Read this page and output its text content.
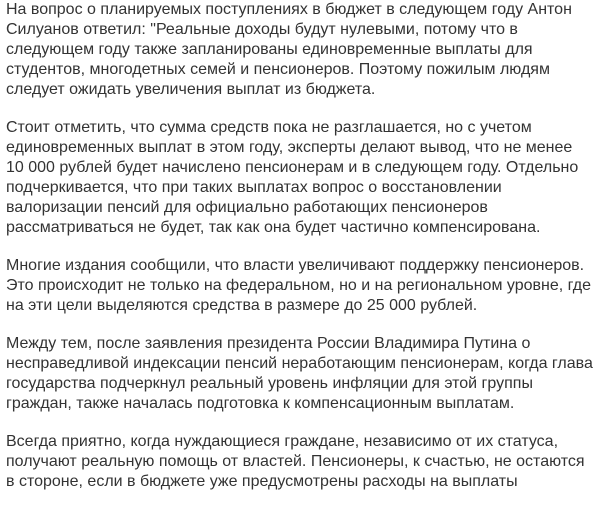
На вопрос о планируемых поступлениях в бюджет в следующем году Антон
Силуанов ответил: "Реальные доходы будут нулевыми, потому что в
следующем году также запланированы единовременные выплаты для
студентов, многодетных семей и пенсионеров. Поэтому пожилым людям
следует ожидать увеличения выплат из бюджета.

Стоит отметить, что сумма средств пока не разглашается, но с учетом
единовременных выплат в этом году, эксперты делают вывод, что не менее
10 000 рублей будет начислено пенсионерам и в следующем году. Отдельно
подчеркивается, что при таких выплатах вопрос о восстановлении
валоризации пенсий для официально работающих пенсионеров
рассматриваться не будет, так как она будет частично компенсирована.

Многие издания сообщили, что власти увеличивают поддержку пенсионеров.
Это происходит не только на федеральном, но и на региональном уровне, где
на эти цели выделяются средства в размере до 25 000 рублей.

Между тем, после заявления президента России Владимира Путина о
несправедливой индексации пенсий неработающим пенсионерам, когда глава
государства подчеркнул реальный уровень инфляции для этой группы
граждан, также началась подготовка к компенсационным выплатам.

Всегда приятно, когда нуждающиеся граждане, независимо от их статуса,
получают реальную помощь от властей. Пенсионеры, к счастью, не остаются
в стороне, если в бюджете уже предусмотрены расходы на выплаты
